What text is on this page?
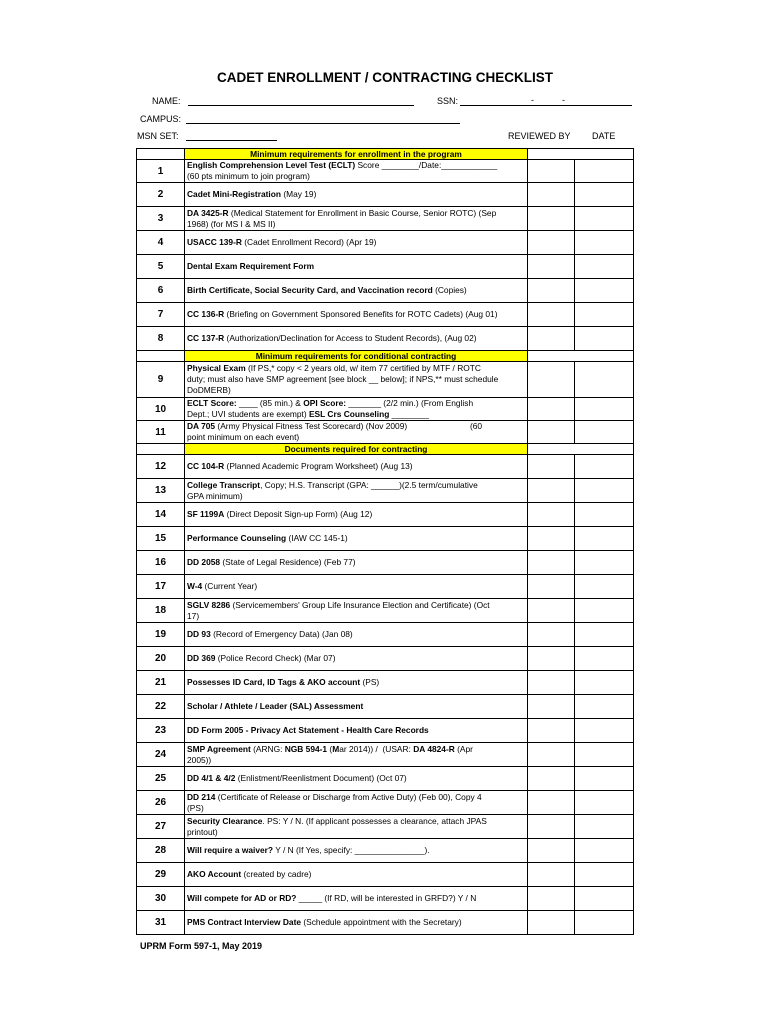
CADET ENROLLMENT / CONTRACTING CHECKLIST
NAME:	SSN:	-	-
CAMPUS:
MSN SET:	REVIEWED BY DATE
	Minimum requirements for enrollment in the program		
1	English Comprehension Level Test (ECLT) Score ________/Date:____________
(60 pts minimum to join program)		
2	Cadet Mini-Registration (May 19)		
3	DA 3425-R (Medical Statement for Enrollment in Basic Course, Senior ROTC) (Sep
1968) (for MS I & MS II)		
4	USACC 139-R (Cadet Enrollment Record) (Apr 19)		
5	Dental Exam Requirement Form		
6	Birth Certificate, Social Security Card, and Vaccination record (Copies)		
7	CC 136-R (Briefing on Government Sponsored Benefits for ROTC Cadets) (Aug 01)		
8	CC 137-R (Authorization/Declination for Access to Student Records), (Aug 02)		
	Minimum requirements for conditional contracting		
9	Physical Exam (If PS,* copy < 2 years old, w/ item 77 certified by MTF / ROTC
duty; must also have SMP agreement [see block __ below]; if NPS,** must schedule
DoDMERB)		
10	ECLT Score: ____ (85 min.) & OPI Score: _______ (2/2 min.) (From English
Dept.; UVI students are exempt) ESL Crs Counseling ________		
11	DA 705 (Army Physical Fitness Test Scorecard) (Nov 2009)                           (60
point minimum on each event)		
	Documents required for contracting		
12	CC 104-R (Planned Academic Program Worksheet) (Aug 13)		
13	College Transcript, Copy; H.S. Transcript (GPA: ______)(2.5 term/cumulative
GPA minimum)		
14	SF 1199A (Direct Deposit Sign-up Form) (Aug 12)		
15	Performance Counseling (IAW CC 145-1)		
16	DD 2058 (State of Legal Residence) (Feb 77)		
17	W-4 (Current Year)		
18	SGLV 8286 (Servicemembers' Group Life Insurance Election and Certificate) (Oct
17)		
19	DD 93 (Record of Emergency Data) (Jan 08)		
20	DD 369 (Police Record Check) (Mar 07)		
21	Possesses ID Card, ID Tags & AKO account (PS)		
22	Scholar / Athlete / Leader (SAL) Assessment		
23	DD Form 2005 - Privacy Act Statement - Health Care Records		
24	SMP Agreement (ARNG: NGB 594-1 (Mar 2014)) /  (USAR: DA 4824-R (Apr
2005))		
25	DD 4/1 & 4/2 (Enlistment/Reenlistment Document) (Oct 07)		
26	DD 214 (Certificate of Release or Discharge from Active Duty) (Feb 00), Copy 4
(PS)		
27	Security Clearance. PS: Y / N. (If applicant possesses a clearance, attach JPAS
printout)		
28	Will require a waiver? Y / N (If Yes, specify: _______________).		
29	AKO Account (created by cadre)		
30	Will compete for AD or RD? _____ (If RD, will be interested in GRFD?) Y / N		
31	PMS Contract Interview Date (Schedule appointment with the Secretary)		
UPRM Form 597-1, May 2019
